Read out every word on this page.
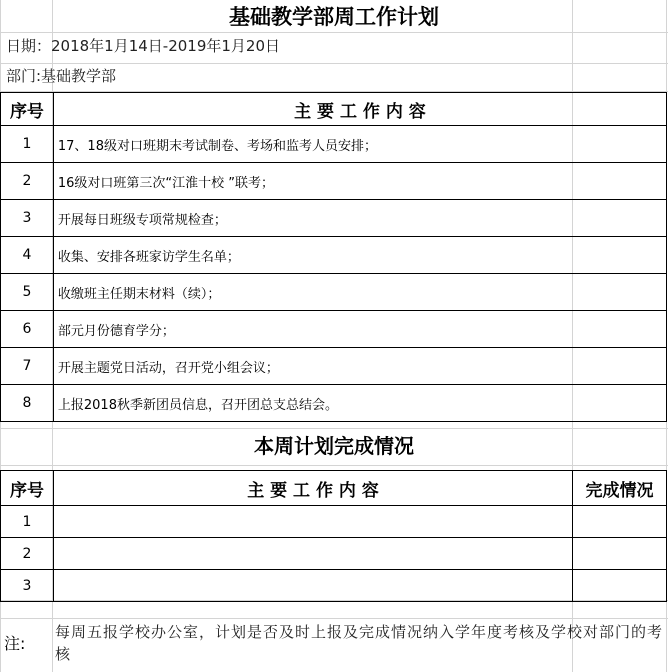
基础教学部周工作计划
日期：2018年1月14日-2019年1月20日
部门:基础教学部
序号	主 要 工 作 内 容
1	17、18级对口班期末考试制卷、考场和监考人员安排；
2	16级对口班第三次“江淮十校 ”联考；
3	开展每日班级专项常规检查；
4	收集、安排各班家访学生名单；
5	收缴班主任期末材料（续）；
6	部元月份德育学分；
7	开展主题党日活动，召开党小组会议；
8	上报2018秋季新团员信息，召开团总支总结会。
本周计划完成情况
序号	主 要 工 作 内 容	完成情况
1		
2		
3		
注:
每周五报学校办公室，计划是否及时上报及完成情况纳入学年度考核及学校对部门的考核
